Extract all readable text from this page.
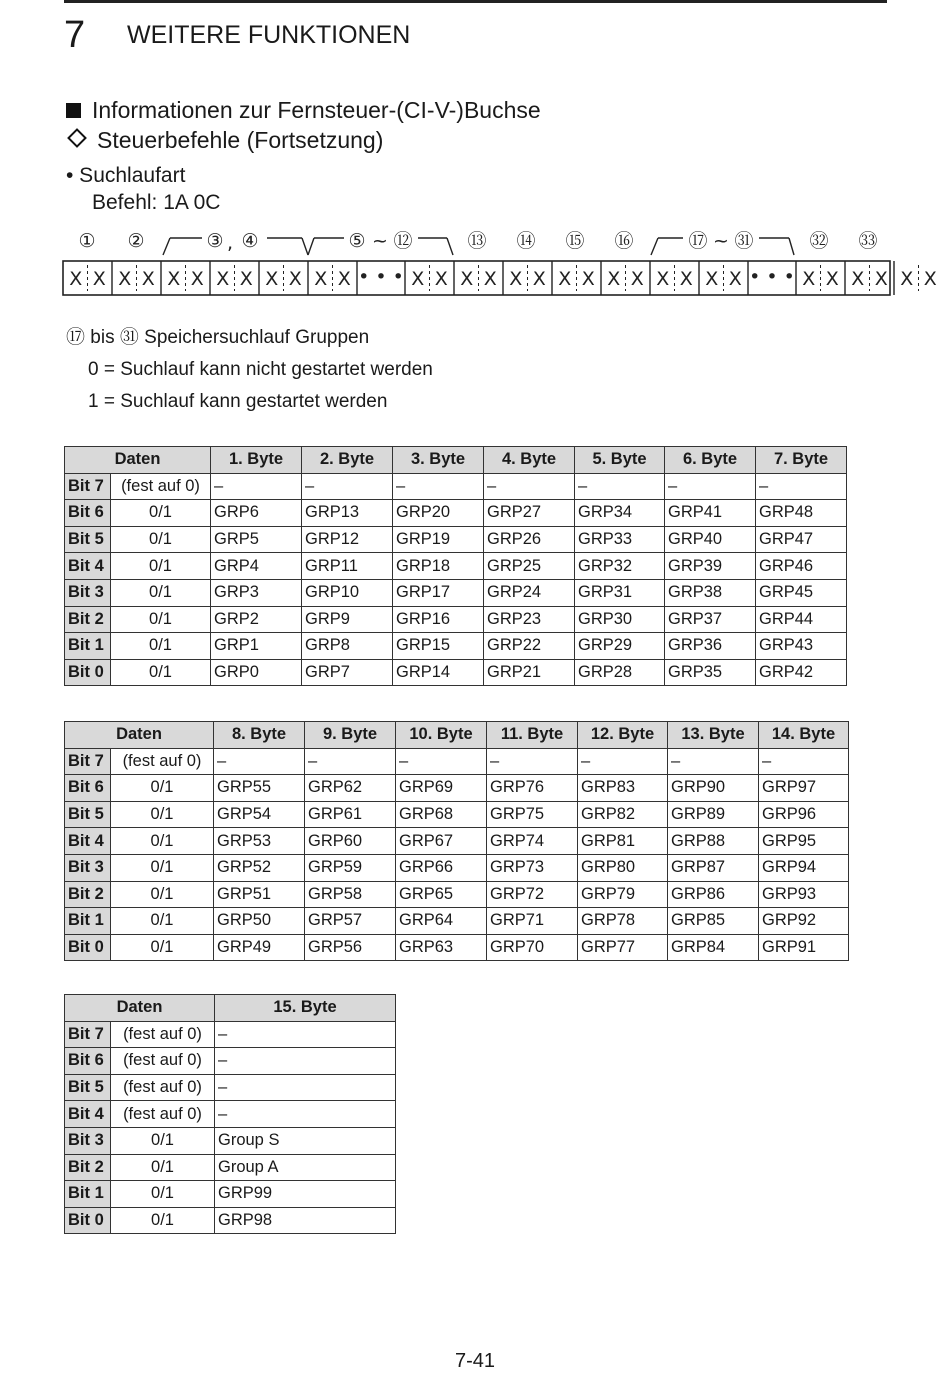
7 WEITERE FUNKTIONEN
Informationen zur Fernsteuer-(CI-V-)Buchse
Steuerbefehle (Fortsetzung)
• Suchlaufart
Befehl: 1A 0C
① ②	③ ④	⑤ ⑫	⑬ ⑭ ⑮ ⑯	⑰ ㉛	㉜ ㉝
,	~	~
X X X X X X X X X X X X • • • X X X X X X X X X X X X X X • • • X X X X X X
⑰ bis ㉛ Speichersuchlauf Gruppen
0 = Suchlauf kann nicht gestartet werden
1 = Suchlauf kann gestartet werden
Daten		1. Byte	2. Byte	3. Byte	4. Byte	5. Byte	6. Byte	7. Byte
Bit 7	(fest auf 0)	–	–	–	–	–	–	–
Bit 6	0/1	GRP6	GRP13	GRP20	GRP27	GRP34	GRP41	GRP48
Bit 5	0/1	GRP5	GRP12	GRP19	GRP26	GRP33	GRP40	GRP47
Bit 4	0/1	GRP4	GRP11	GRP18	GRP25	GRP32	GRP39	GRP46
Bit 3	0/1	GRP3	GRP10	GRP17	GRP24	GRP31	GRP38	GRP45
Bit 2	0/1	GRP2	GRP9	GRP16	GRP23	GRP30	GRP37	GRP44
Bit 1	0/1	GRP1	GRP8	GRP15	GRP22	GRP29	GRP36	GRP43
Bit 0	0/1	GRP0	GRP7	GRP14	GRP21	GRP28	GRP35	GRP42
Daten		8. Byte	9. Byte	10. Byte	11. Byte	12. Byte	13. Byte	14. Byte
Bit 7	(fest auf 0)	–	–	–	–	–	–	–
Bit 6	0/1	GRP55	GRP62	GRP69	GRP76	GRP83	GRP90	GRP97
Bit 5	0/1	GRP54	GRP61	GRP68	GRP75	GRP82	GRP89	GRP96
Bit 4	0/1	GRP53	GRP60	GRP67	GRP74	GRP81	GRP88	GRP95
Bit 3	0/1	GRP52	GRP59	GRP66	GRP73	GRP80	GRP87	GRP94
Bit 2	0/1	GRP51	GRP58	GRP65	GRP72	GRP79	GRP86	GRP93
Bit 1	0/1	GRP50	GRP57	GRP64	GRP71	GRP78	GRP85	GRP92
Bit 0	0/1	GRP49	GRP56	GRP63	GRP70	GRP77	GRP84	GRP91
Daten		15. Byte
Bit 7	(fest auf 0)	–
Bit 6	(fest auf 0)	–
Bit 5	(fest auf 0)	–
Bit 4	(fest auf 0)	–
Bit 3	0/1	Group S
Bit 2	0/1	Group A
Bit 1	0/1	GRP99
Bit 0	0/1	GRP98
7-41
